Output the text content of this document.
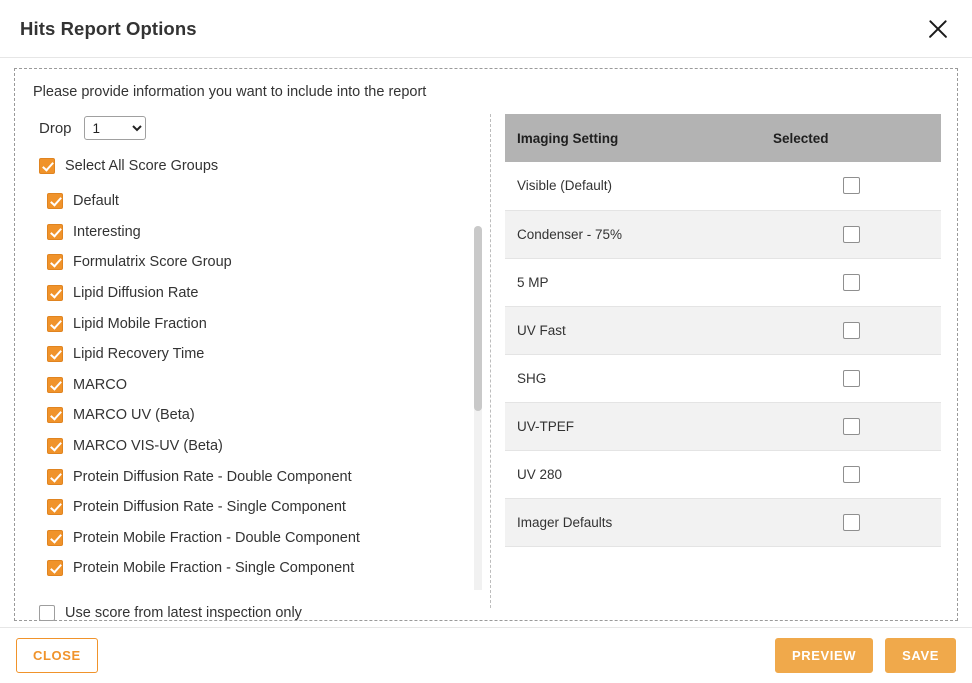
Hits Report Options
Please provide information you want to include into the report
Drop
1
Select All Score Groups
Default
Interesting
Formulatrix Score Group
Lipid Diffusion Rate
Lipid Mobile Fraction
Lipid Recovery Time
MARCO
MARCO UV (Beta)
MARCO VIS-UV (Beta)
Protein Diffusion Rate - Double Component
Protein Diffusion Rate - Single Component
Protein Mobile Fraction - Double Component
Protein Mobile Fraction - Single Component
Use score from latest inspection only
Imaging Setting	Selected
Visible (Default)	
Condenser - 75%	
5 MP	
UV Fast	
SHG	
UV-TPEF	
UV 280	
Imager Defaults	
CLOSE	PREVIEW	SAVE
